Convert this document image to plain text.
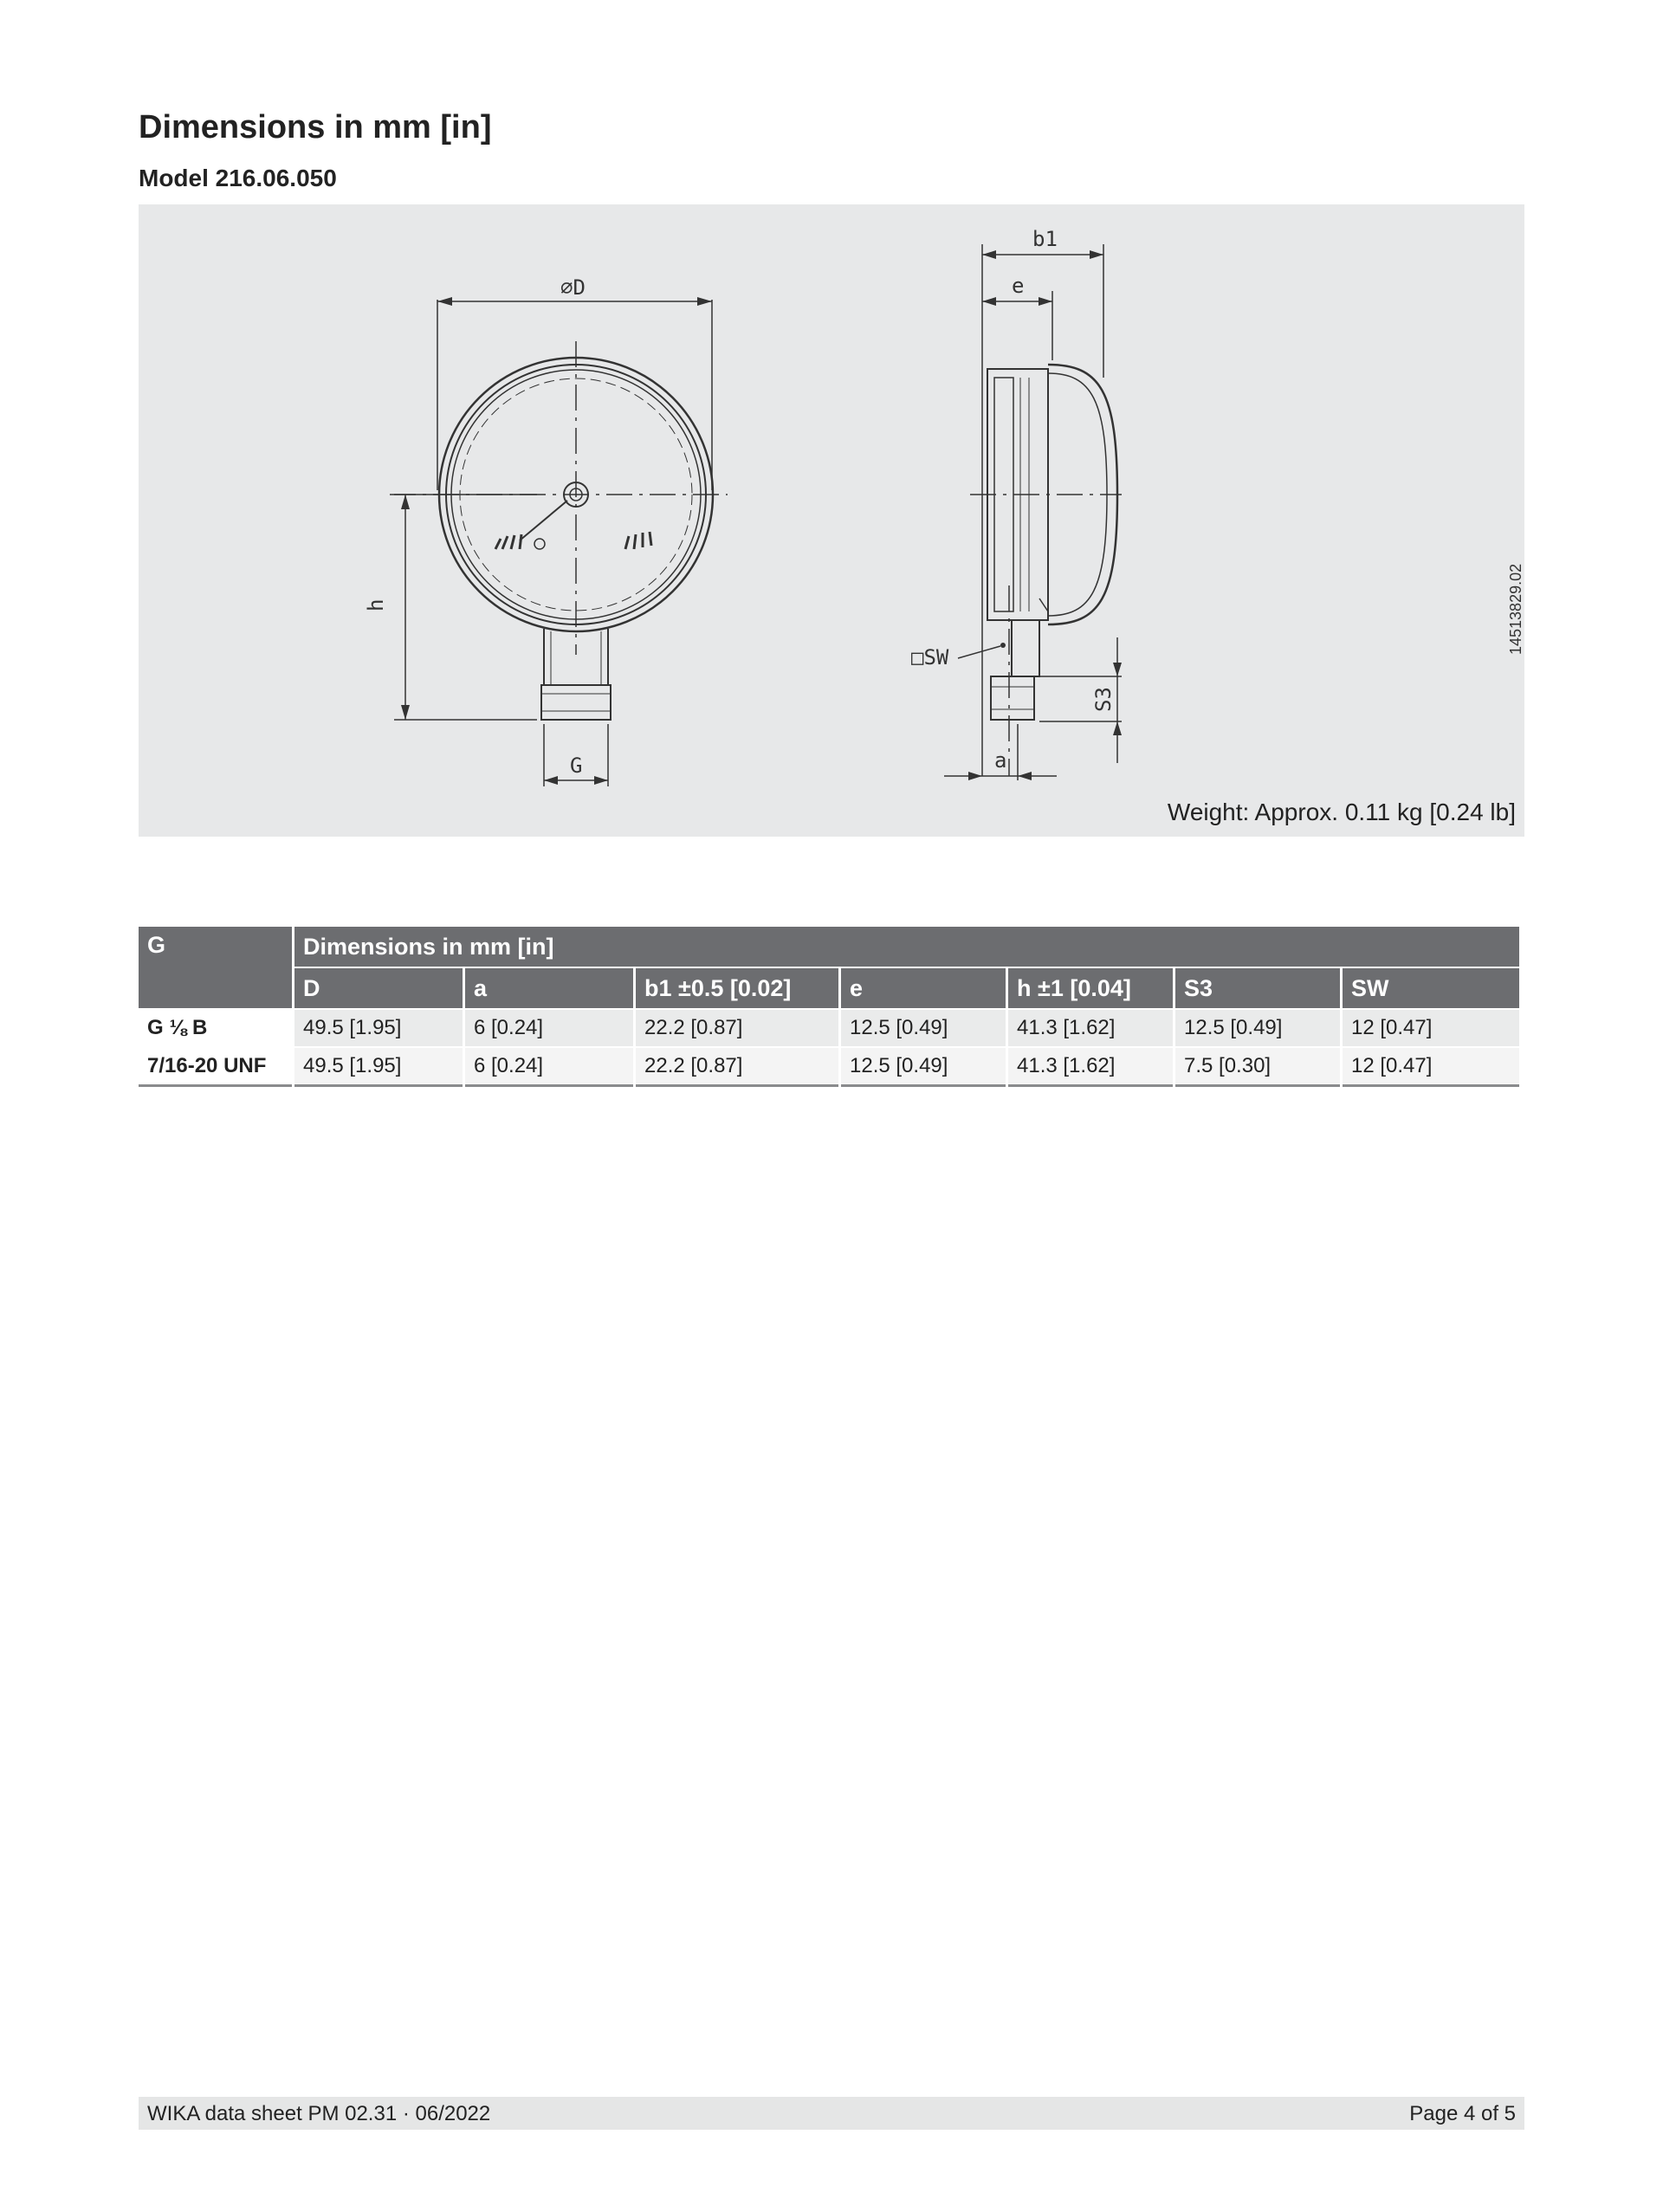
Dimensions in mm [in]
Model 216.06.050
⌀D
h
G
b1
e
□SW
S3
a
14513829.02
Weight: Approx. 0.11 kg [0.24 lb]
G	Dimensions in mm [in]						
	D	a	b1 ±0.5 [0.02]	e	h ±1 [0.04]	S3	SW
G ⅛ B	49.5 [1.95]	6 [0.24]	22.2 [0.87]	12.5 [0.49]	41.3 [1.62]	12.5 [0.49]	12 [0.47]
7/16-20 UNF	49.5 [1.95]	6 [0.24]	22.2 [0.87]	12.5 [0.49]	41.3 [1.62]	7.5 [0.30]	12 [0.47]
WIKA data sheet PM 02.31 · 06/2022	Page 4 of 5
